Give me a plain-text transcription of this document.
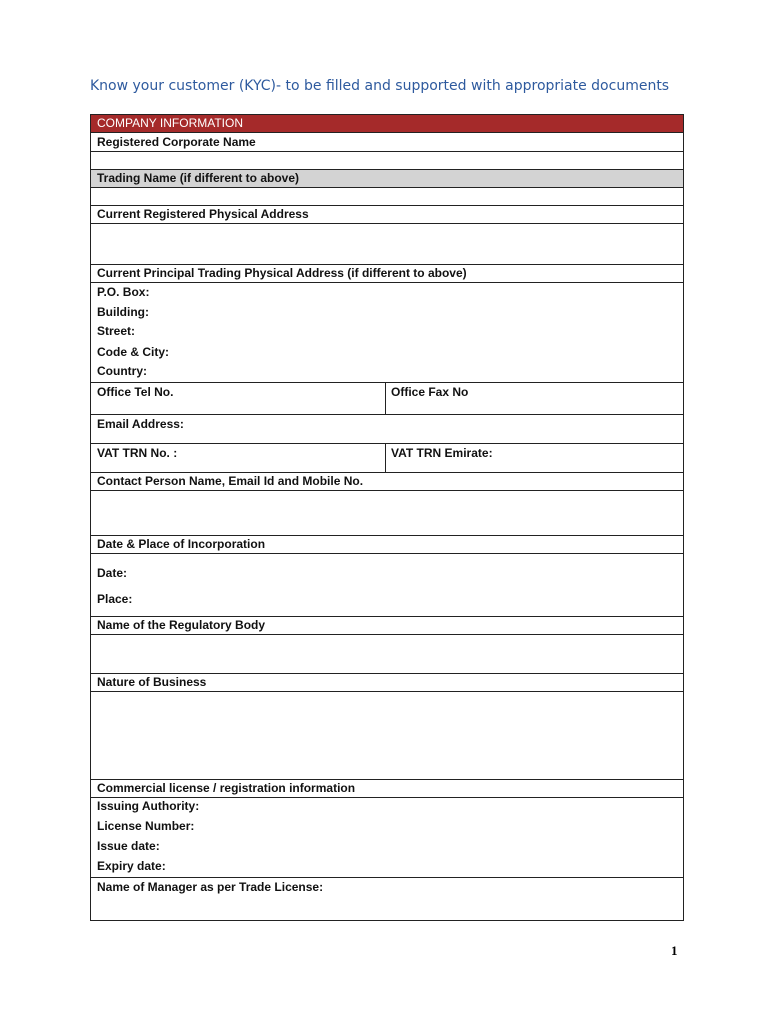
Know your customer (KYC)- to be filled and supported with appropriate documents
COMPANY INFORMATION
Registered Corporate Name
Trading Name (if different to above)
Current Registered Physical Address
Current Principal Trading Physical Address (if different to above)
P.O. Box:
Building:
Street:
Code & City:
Country:
Office Tel No.	Office Fax No
Email Address:
VAT TRN No. :	VAT TRN Emirate:
Contact Person Name, Email Id and Mobile No.
Date & Place of Incorporation
Date:
Place:
Name of the Regulatory Body
Nature of Business
Commercial license / registration information
Issuing Authority:
License Number:
Issue date:
Expiry date:
Name of Manager as per Trade License:
1
